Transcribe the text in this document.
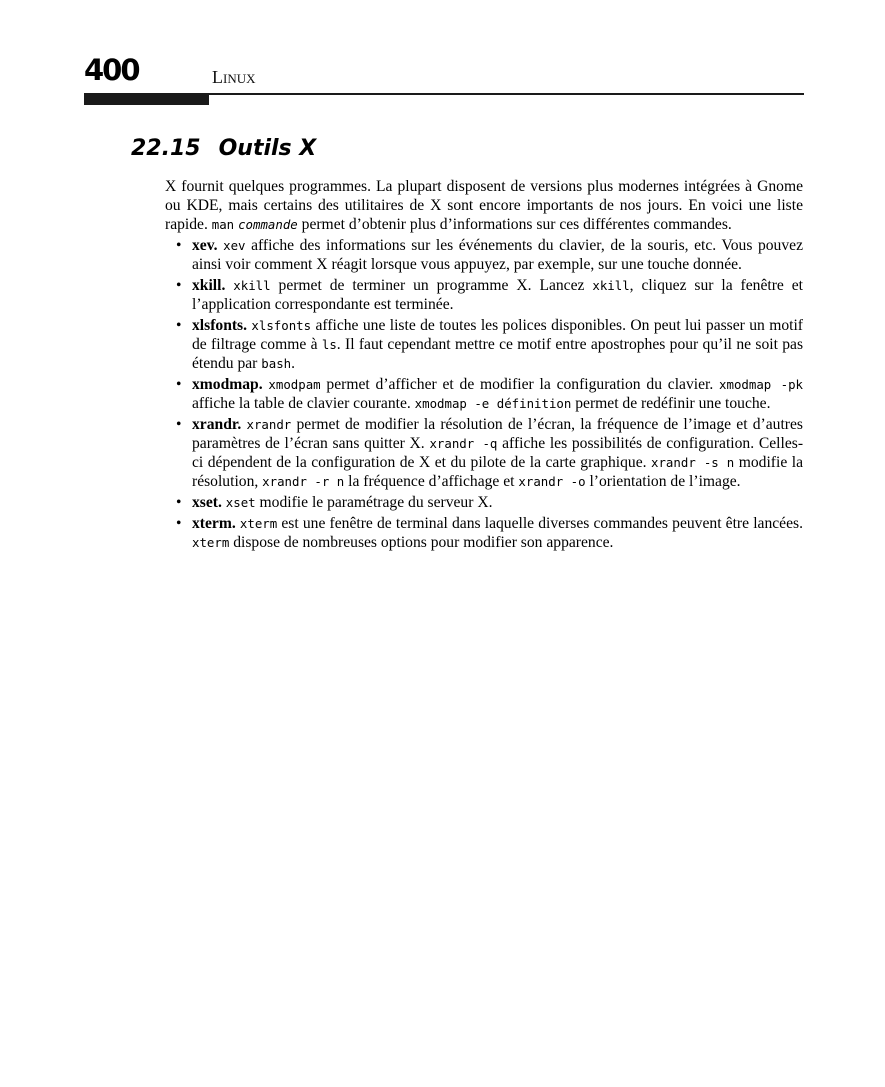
400	Linux
22.15 Outils X

X fournit quelques programmes. La plupart disposent de versions plus modernes intégrées à Gnome ou KDE, mais certains des utilitaires de X sont encore importants de nos jours. En voici une liste rapide. man commande permet d’obtenir plus d’informations sur ces différentes commandes.

• xev. xev affiche des informations sur les événements du clavier, de la souris, etc. Vous pouvez ainsi voir comment X réagit lorsque vous appuyez, par exemple, sur une touche donnée.
• xkill. xkill permet de terminer un programme X. Lancez xkill, cliquez sur la fenêtre et l’application correspondante est terminée.
• xlsfonts. xlsfonts affiche une liste de toutes les polices disponibles. On peut lui passer un motif de filtrage comme à ls. Il faut cependant mettre ce motif entre apostrophes pour qu’il ne soit pas étendu par bash.
• xmodmap. xmodpam permet d’afficher et de modifier la configuration du clavier. xmodmap -pk affiche la table de clavier courante. xmodmap -e définition permet de redéfinir une touche.
• xrandr. xrandr permet de modifier la résolution de l’écran, la fréquence de l’image et d’autres paramètres de l’écran sans quitter X. xrandr -q affiche les possibilités de configuration. Celles-ci dépendent de la configuration de X et du pilote de la carte graphique. xrandr -s n modifie la résolution, xrandr -r n la fréquence d’affichage et xrandr -o l’orientation de l’image.
• xset. xset modifie le paramétrage du serveur X.
• xterm. xterm est une fenêtre de terminal dans laquelle diverses commandes peuvent être lancées. xterm dispose de nombreuses options pour modifier son apparence.
